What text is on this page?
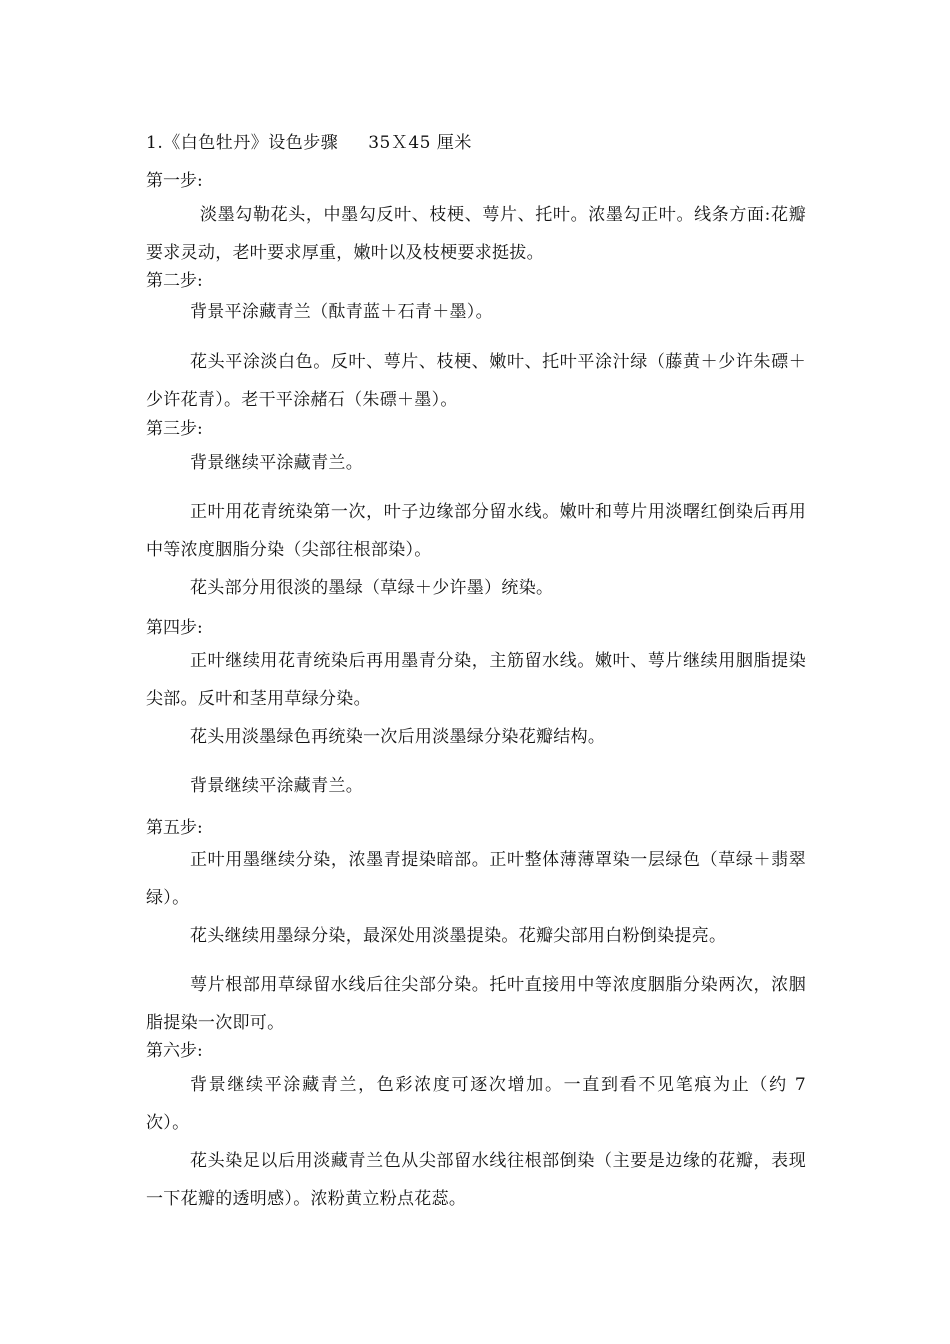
1.《白色牡丹》设色步骤 35Ｘ45 厘米
第一步:
淡墨勾勒花头，中墨勾反叶、枝梗、萼片、托叶。浓墨勾正叶。线条方面:花瓣要求灵动，老叶要求厚重，嫩叶以及枝梗要求挺拔。
第二步:
背景平涂藏青兰（酞青蓝＋石青＋墨）。
花头平涂淡白色。反叶、萼片、枝梗、嫩叶、托叶平涂汁绿（藤黄＋少许朱磦＋少许花青）。老干平涂赭石（朱磦＋墨）。
第三步:
背景继续平涂藏青兰。
正叶用花青统染第一次，叶子边缘部分留水线。嫩叶和萼片用淡曙红倒染后再用中等浓度胭脂分染（尖部往根部染）。
花头部分用很淡的墨绿（草绿＋少许墨）统染。
第四步:
正叶继续用花青统染后再用墨青分染，主筋留水线。嫩叶、萼片继续用胭脂提染尖部。反叶和茎用草绿分染。
花头用淡墨绿色再统染一次后用淡墨绿分染花瓣结构。
背景继续平涂藏青兰。
第五步:
正叶用墨继续分染，浓墨青提染暗部。正叶整体薄薄罩染一层绿色（草绿＋翡翠绿）。
花头继续用墨绿分染，最深处用淡墨提染。花瓣尖部用白粉倒染提亮。
萼片根部用草绿留水线后往尖部分染。托叶直接用中等浓度胭脂分染两次，浓胭脂提染一次即可。
第六步:
背景继续平涂藏青兰，色彩浓度可逐次增加。一直到看不见笔痕为止（约 7 次）。
花头染足以后用淡藏青兰色从尖部留水线往根部倒染（主要是边缘的花瓣，表现一下花瓣的透明感）。浓粉黄立粉点花蕊。
